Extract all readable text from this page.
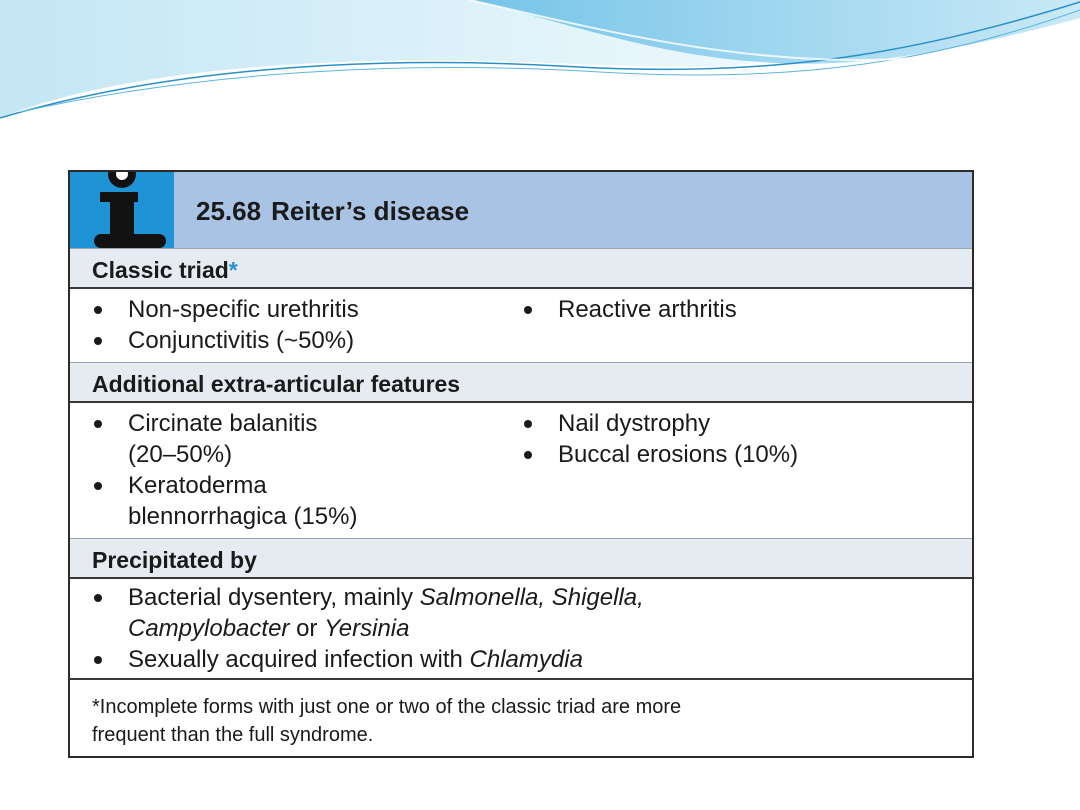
25.68 Reiter’s disease
Classic triad*
Non-specific urethritis
Conjunctivitis (~50%)
Reactive arthritis
Additional extra-articular features
Circinate balanitis
(20–50%)
Keratoderma
blennorrhagica (15%)
Nail dystrophy
Buccal erosions (10%)
Precipitated by
Bacterial dysentery, mainly Salmonella, Shigella,
Campylobacter or Yersinia
Sexually acquired infection with Chlamydia
*Incomplete forms with just one or two of the classic triad are more
frequent than the full syndrome.
